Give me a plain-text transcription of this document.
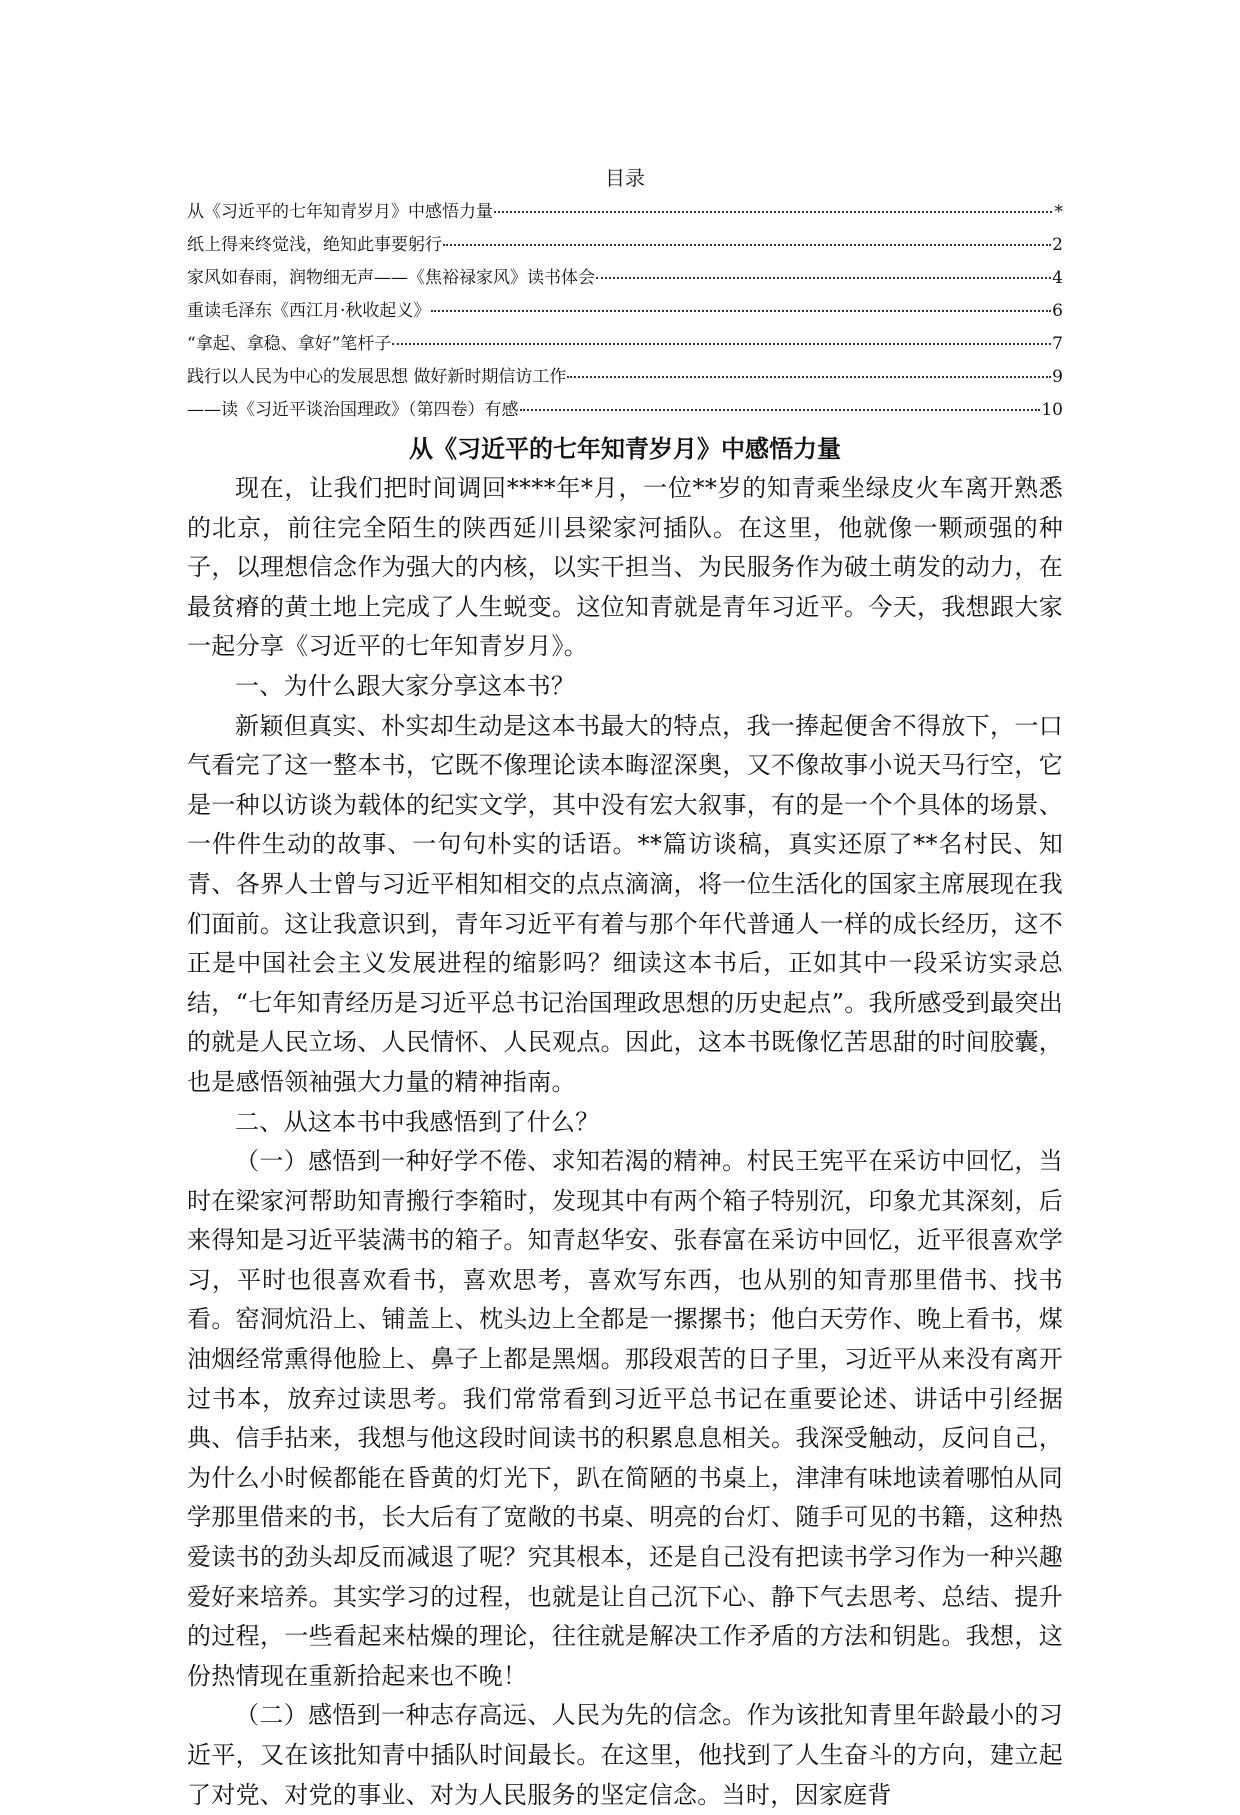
目录
从《习近平的七年知青岁月》中感悟力量	*
纸上得来终觉浅，绝知此事要躬行	2
家风如春雨，润物细无声——《焦裕禄家风》读书体会	4
重读毛泽东《西江月·秋收起义》	6
“拿起、拿稳、拿好”笔杆子	7
践行以人民为中心的发展思想 做好新时期信访工作	9
——读《习近平谈治国理政》（第四卷）有感	10
从《习近平的七年知青岁月》中感悟力量

现在，让我们把时间调回****年*月，一位**岁的知青乘坐绿皮火车离开熟悉的北京，前往完全陌生的陕西延川县梁家河插队。在这里，他就像一颗顽强的种子，以理想信念作为强大的内核，以实干担当、为民服务作为破土萌发的动力，在最贫瘠的黄土地上完成了人生蜕变。这位知青就是青年习近平。今天，我想跟大家一起分享《习近平的七年知青岁月》。

一、为什么跟大家分享这本书？

新颖但真实、朴实却生动是这本书最大的特点，我一捧起便舍不得放下，一口气看完了这一整本书，它既不像理论读本晦涩深奥，又不像故事小说天马行空，它是一种以访谈为载体的纪实文学，其中没有宏大叙事，有的是一个个具体的场景、一件件生动的故事、一句句朴实的话语。**篇访谈稿，真实还原了**名村民、知青、各界人士曾与习近平相知相交的点点滴滴，将一位生活化的国家主席展现在我们面前。这让我意识到，青年习近平有着与那个年代普通人一样的成长经历，这不正是中国社会主义发展进程的缩影吗？细读这本书后，正如其中一段采访实录总结，“七年知青经历是习近平总书记治国理政思想的历史起点”。我所感受到最突出的就是人民立场、人民情怀、人民观点。因此，这本书既像忆苦思甜的时间胶囊，也是感悟领袖强大力量的精神指南。

二、从这本书中我感悟到了什么？

（一）感悟到一种好学不倦、求知若渴的精神。村民王宪平在采访中回忆，当时在梁家河帮助知青搬行李箱时，发现其中有两个箱子特别沉，印象尤其深刻，后来得知是习近平装满书的箱子。知青赵华安、张春富在采访中回忆，近平很喜欢学习，平时也很喜欢看书，喜欢思考，喜欢写东西，也从别的知青那里借书、找书看。窑洞炕沿上、铺盖上、枕头边上全都是一摞摞书；他白天劳作、晚上看书，煤油烟经常熏得他脸上、鼻子上都是黑烟。那段艰苦的日子里，习近平从来没有离开过书本，放弃过读思考。我们常常看到习近平总书记在重要论述、讲话中引经据典、信手拈来，我想与他这段时间读书的积累息息相关。我深受触动，反问自己，为什么小时候都能在昏黄的灯光下，趴在简陋的书桌上，津津有味地读着哪怕从同学那里借来的书，长大后有了宽敞的书桌、明亮的台灯、随手可见的书籍，这种热爱读书的劲头却反而减退了呢？究其根本，还是自己没有把读书学习作为一种兴趣爱好来培养。其实学习的过程，也就是让自己沉下心、静下气去思考、总结、提升的过程，一些看起来枯燥的理论，往往就是解决工作矛盾的方法和钥匙。我想，这份热情现在重新拾起来也不晚！

（二）感悟到一种志存高远、人民为先的信念。作为该批知青里年龄最小的习近平，又在该批知青中插队时间最长。在这里，他找到了人生奋斗的方向，建立起了对党、对党的事业、对为人民服务的坚定信念。当时，因家庭背
